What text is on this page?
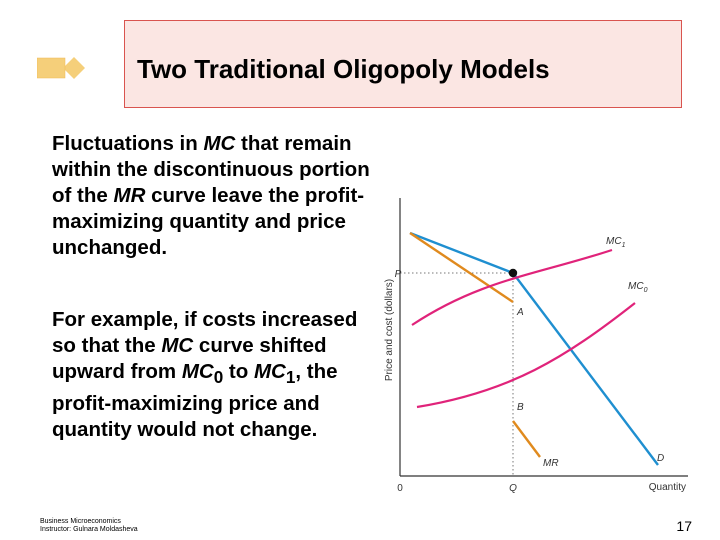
Two Traditional Oligopoly Models
Fluctuations in MC that remain within the discontinuous portion of the MR curve leave the profit-maximizing quantity and price unchanged.
For example, if costs increased so that the MC curve shifted upward from $MC_0$ to $MC_1$, the profit-maximizing price and quantity would not change.
Price and cost (dollars)
Quantity
0
P
Q
D
MR
$MC_1$
$MC_0$
A
B
Business Microeconomics
Instructor: Gulnara Moldasheva	17
